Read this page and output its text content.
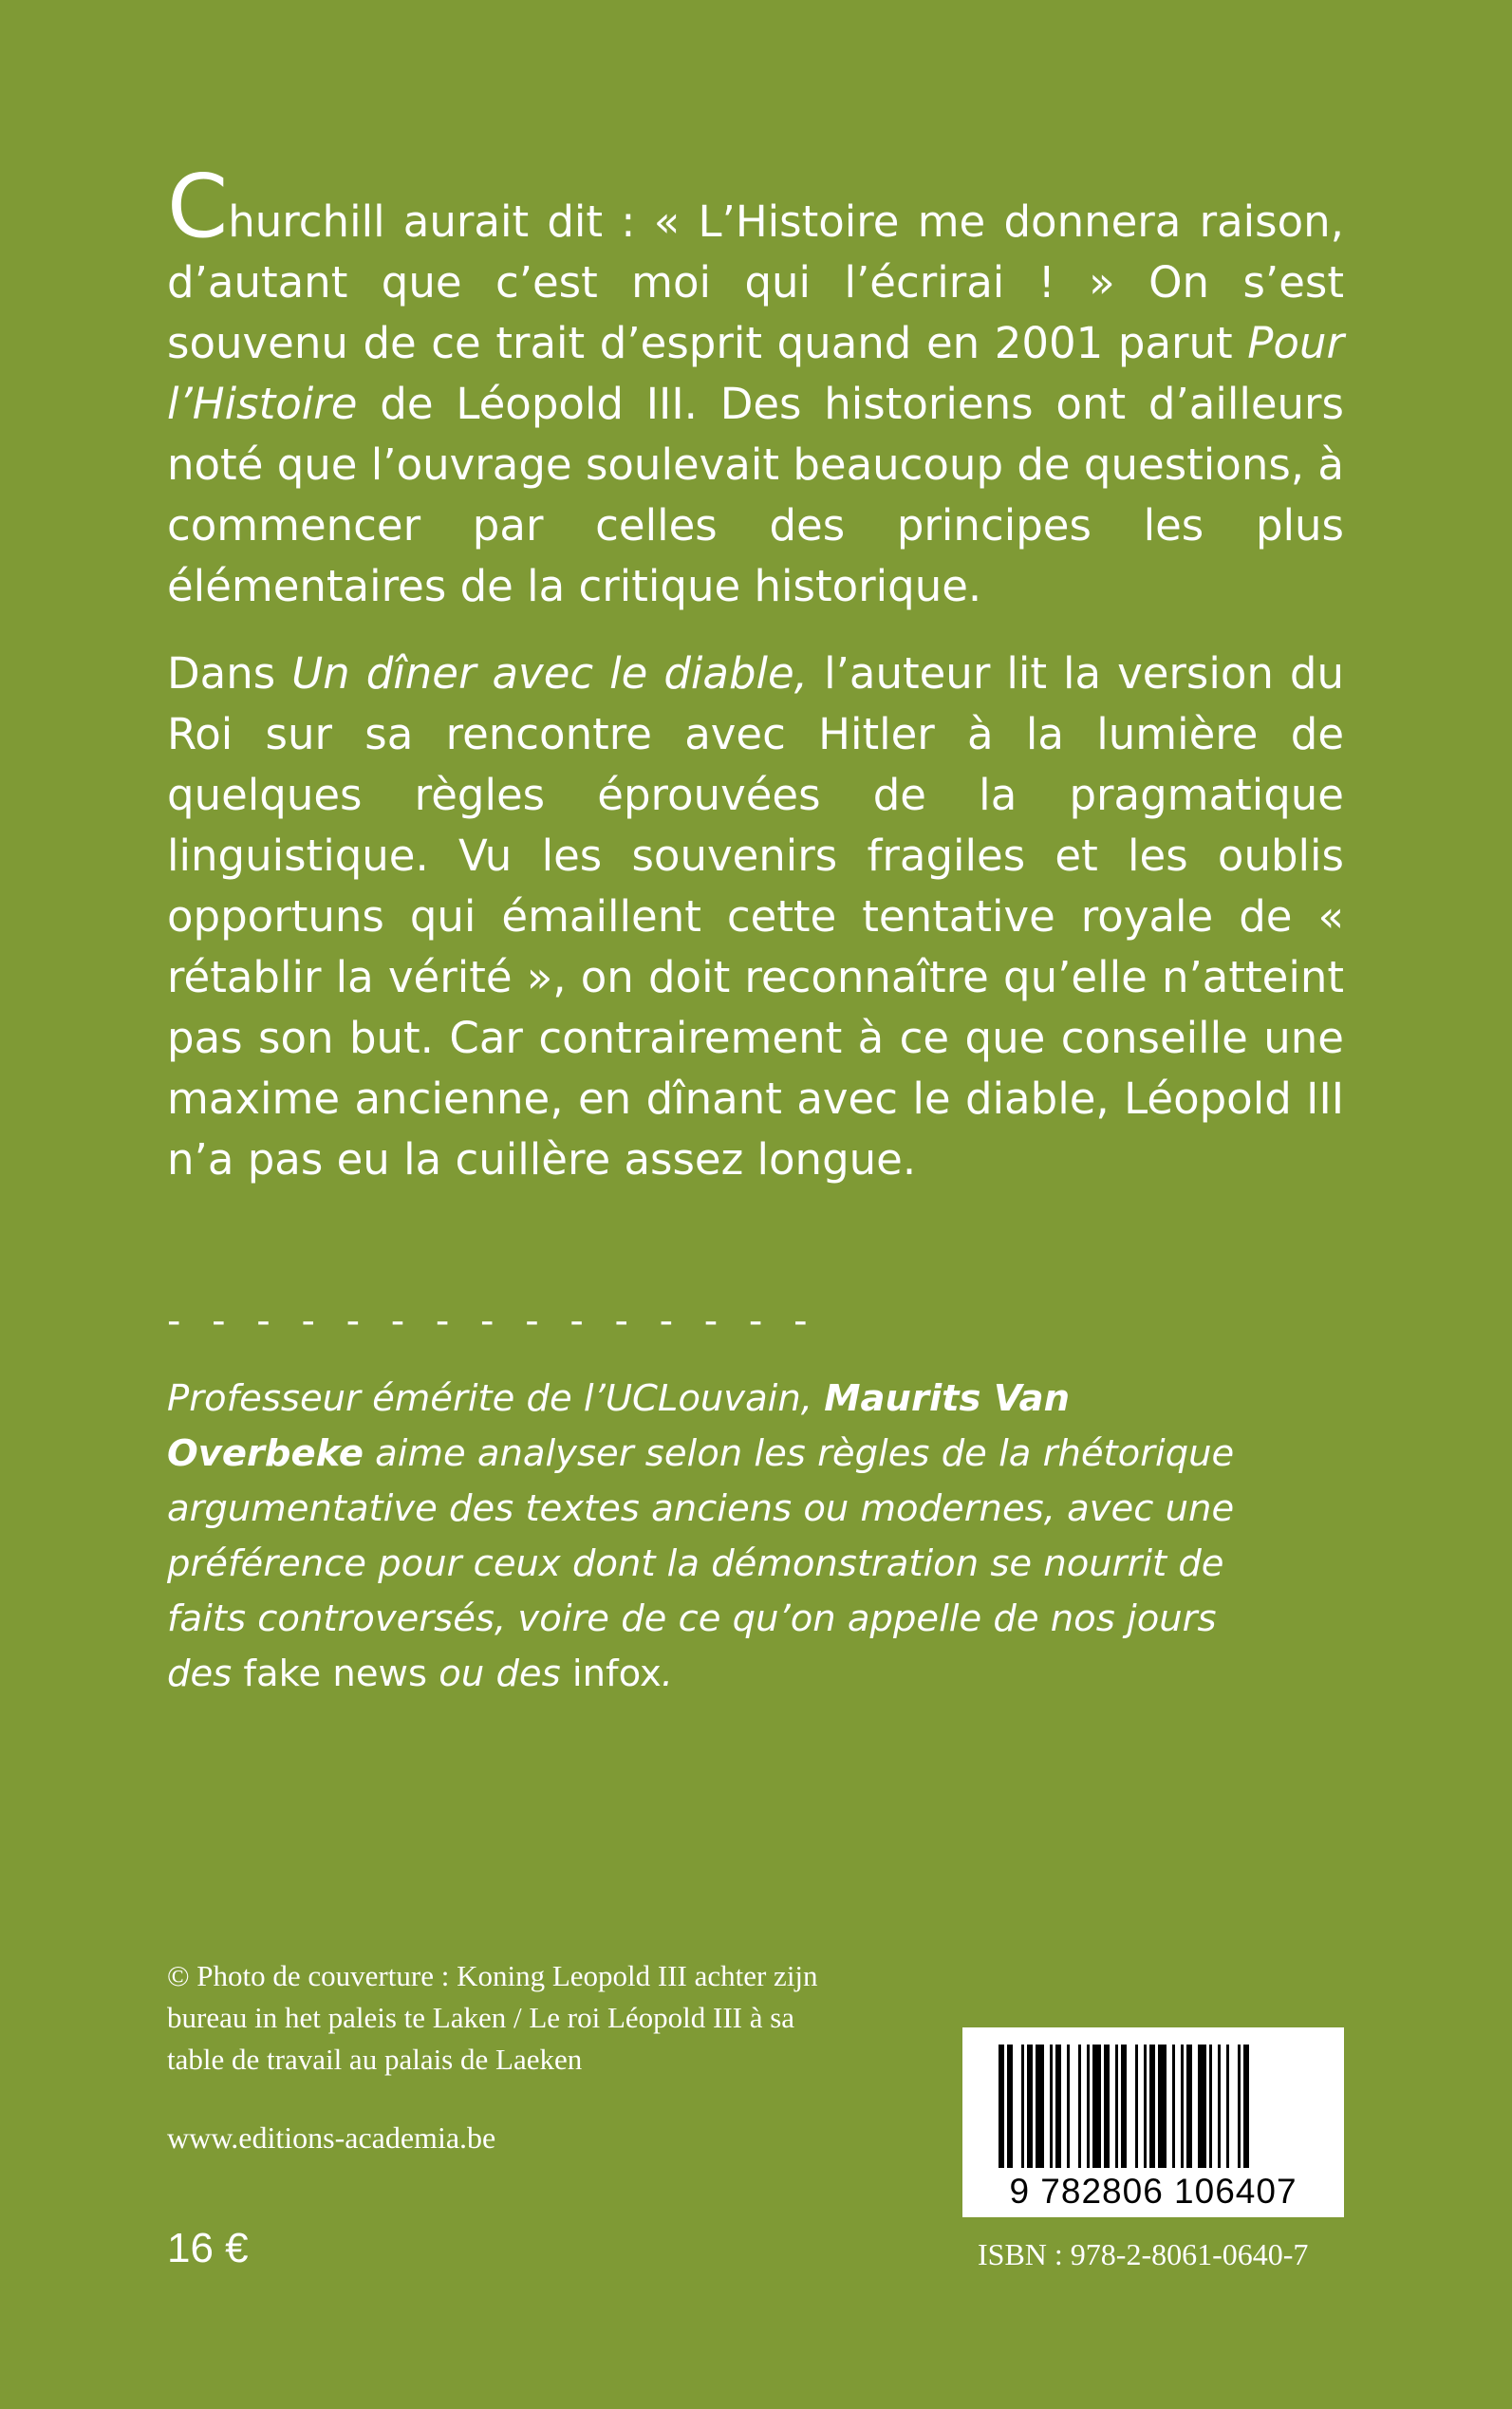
Churchill aurait dit : « L’Histoire me donnera raison, d’autant que c’est moi qui l’écrirai ! » On s’est souvenu de ce trait d’esprit quand en 2001 parut Pour l’Histoire de Léopold III. Des historiens ont d’ailleurs noté que l’ouvrage soulevait beaucoup de questions, à commencer par celles des principes les plus élémentaires de la critique historique.

Dans Un dîner avec le diable, l’auteur lit la version du Roi sur sa rencontre avec Hitler à la lumière de quelques règles éprouvées de la pragmatique linguistique. Vu les souvenirs fragiles et les oublis opportuns qui émaillent cette tentative royale de « rétablir la vérité », on doit reconnaître qu’elle n’atteint pas son but. Car contrairement à ce que conseille une maxime ancienne, en dînant avec le diable, Léopold III n’a pas eu la cuillère assez longue.

- - - - - - - - - - - - - - -
Professeur émérite de l’UCLouvain, Maurits Van Overbeke aime analyser selon les règles de la rhétorique argumentative des textes anciens ou modernes, avec une préférence pour ceux dont la démonstration se nourrit de faits controversés, voire de ce qu’on appelle de nos jours des fake news ou des infox.
© Photo de couverture : Koning Leopold III achter zijn bureau in het paleis te Laken / Le roi Léopold III à sa table de travail au palais de Laeken
www.editions-academia.be
16 €
9 782806 106407
ISBN : 978-2-8061-0640-7
